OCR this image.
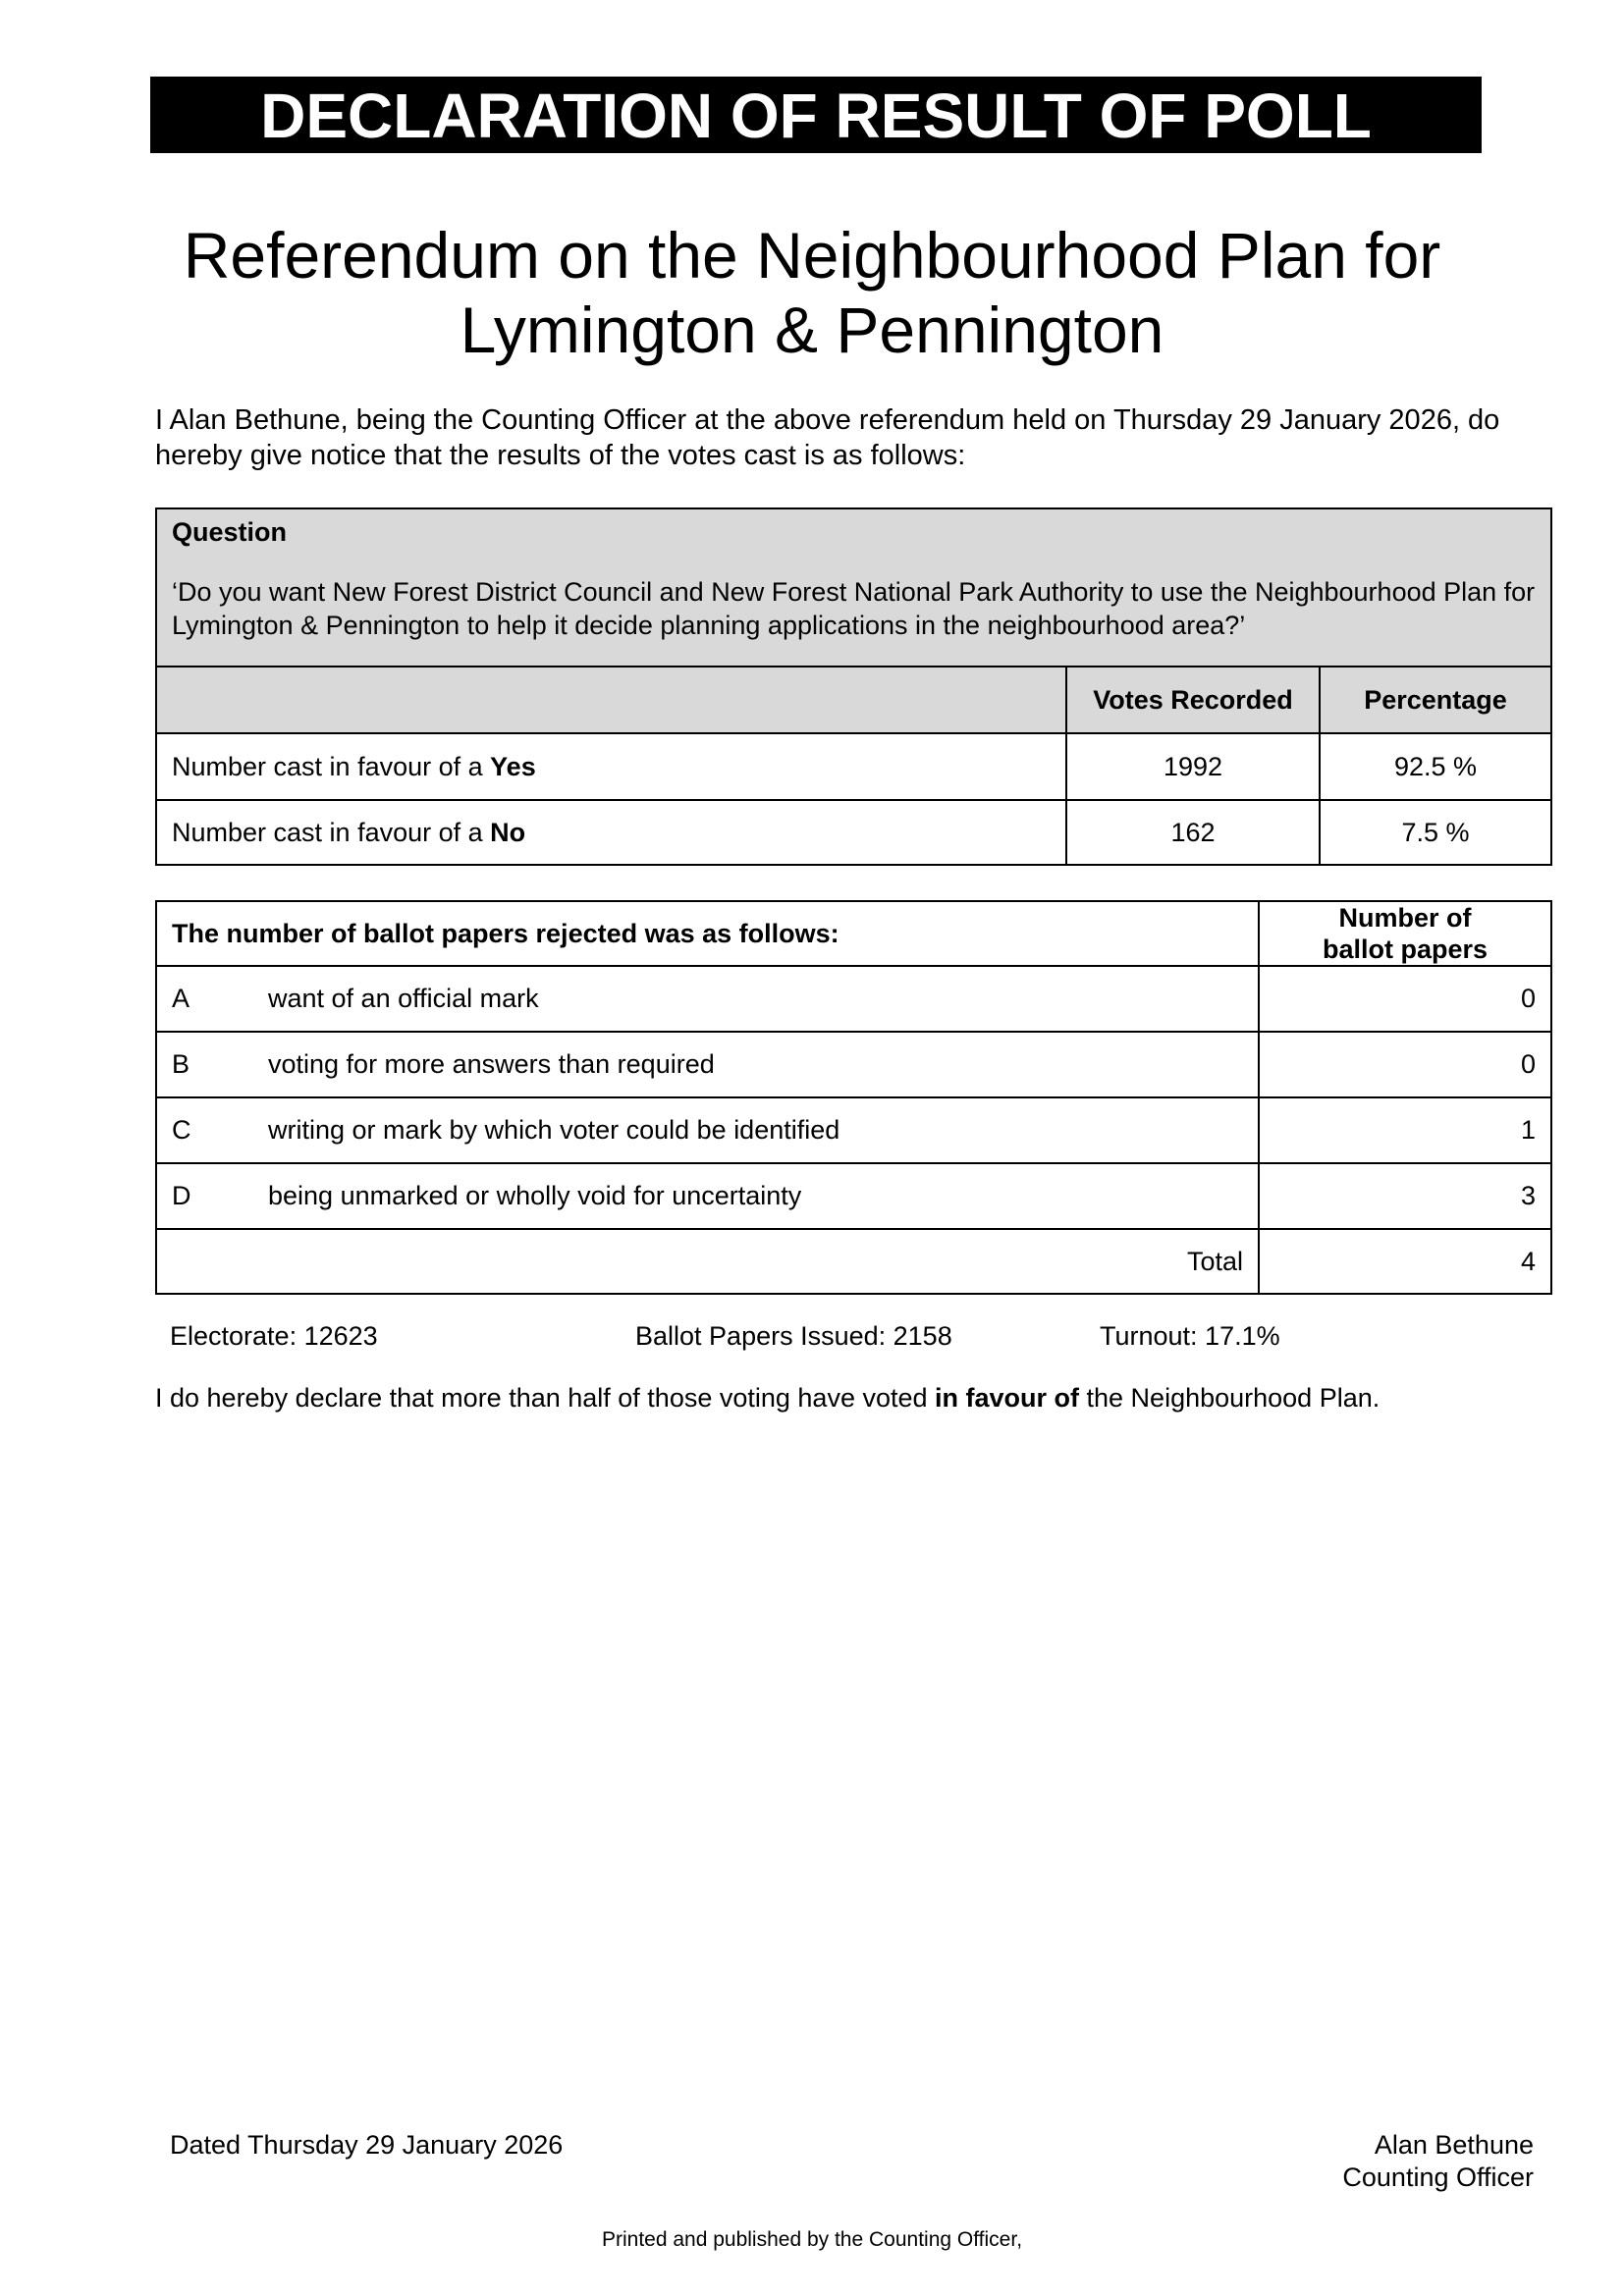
DECLARATION OF RESULT OF POLL
Referendum on the Neighbourhood Plan for
Lymington & Pennington
I Alan Bethune, being the Counting Officer at the above referendum held on Thursday 29 January 2026, do hereby give notice that the results of the votes cast is as follows:
Question
‘Do you want New Forest District Council and New Forest National Park Authority to use the Neighbourhood Plan for Lymington & Pennington to help it decide planning applications in the neighbourhood area?’		

	Votes Recorded	Percentage
Number cast in favour of a Yes	1992	92.5 %
Number cast in favour of a No	162	7.5 %
The number of ballot papers rejected was as follows:		Number of
ballot papers

A	want of an official mark	0
B	voting for more answers than required	0
C	writing or mark by which voter could be identified	1
D	being unmarked or wholly void for uncertainty	3
Total		4
Electorate: 12623	Ballot Papers Issued: 2158	Turnout: 17.1%
I do hereby declare that more than half of those voting have voted in favour of the Neighbourhood Plan.
Dated Thursday 29 January 2026	Alan Bethune
Counting Officer
Printed and published by the Counting Officer,
